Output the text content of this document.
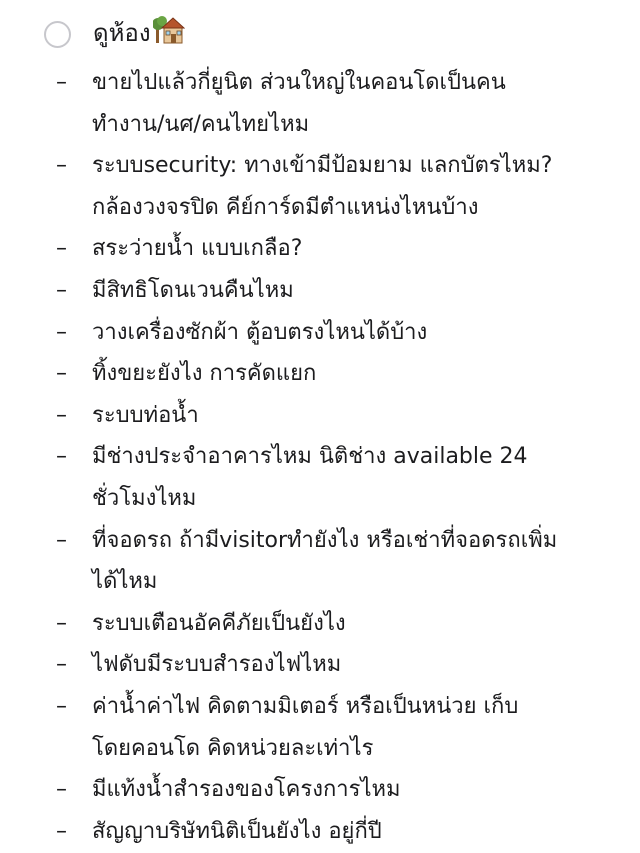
ดูห้อง
–	ขายไปแล้วกี่ยูนิต ส่วนใหญ่ในคอนโดเป็นคน
ทำงาน/นศ/คนไทยไหม
–	ระบบsecurity: ทางเข้ามีป้อมยาม แลกบัตรไหม?
กล้องวงจรปิด คีย์การ์ดมีตำแหน่งไหนบ้าง
–	สระว่ายน้ำ แบบเกลือ?
–	มีสิทธิโดนเวนคืนไหม
–	วางเครื่องซักผ้า ตู้อบตรงไหนได้บ้าง
–	ทิ้งขยะยังไง การคัดแยก
–	ระบบท่อน้ำ
–	มีช่างประจำอาคารไหม นิติช่าง available 24
ชั่วโมงไหม
–	ที่จอดรถ ถ้ามีvisitorทำยังไง หรือเช่าที่จอดรถเพิ่ม
ได้ไหม
–	ระบบเตือนอัคคีภัยเป็นยังไง
–	ไฟดับมีระบบสำรองไฟไหม
–	ค่าน้ำค่าไฟ คิดตามมิเตอร์ หรือเป็นหน่วย เก็บ
โดยคอนโด คิดหน่วยละเท่าไร
–	มีแท้งน้ำสำรองของโครงการไหม
–	สัญญาบริษัทนิติเป็นยังไง อยู่กี่ปี
